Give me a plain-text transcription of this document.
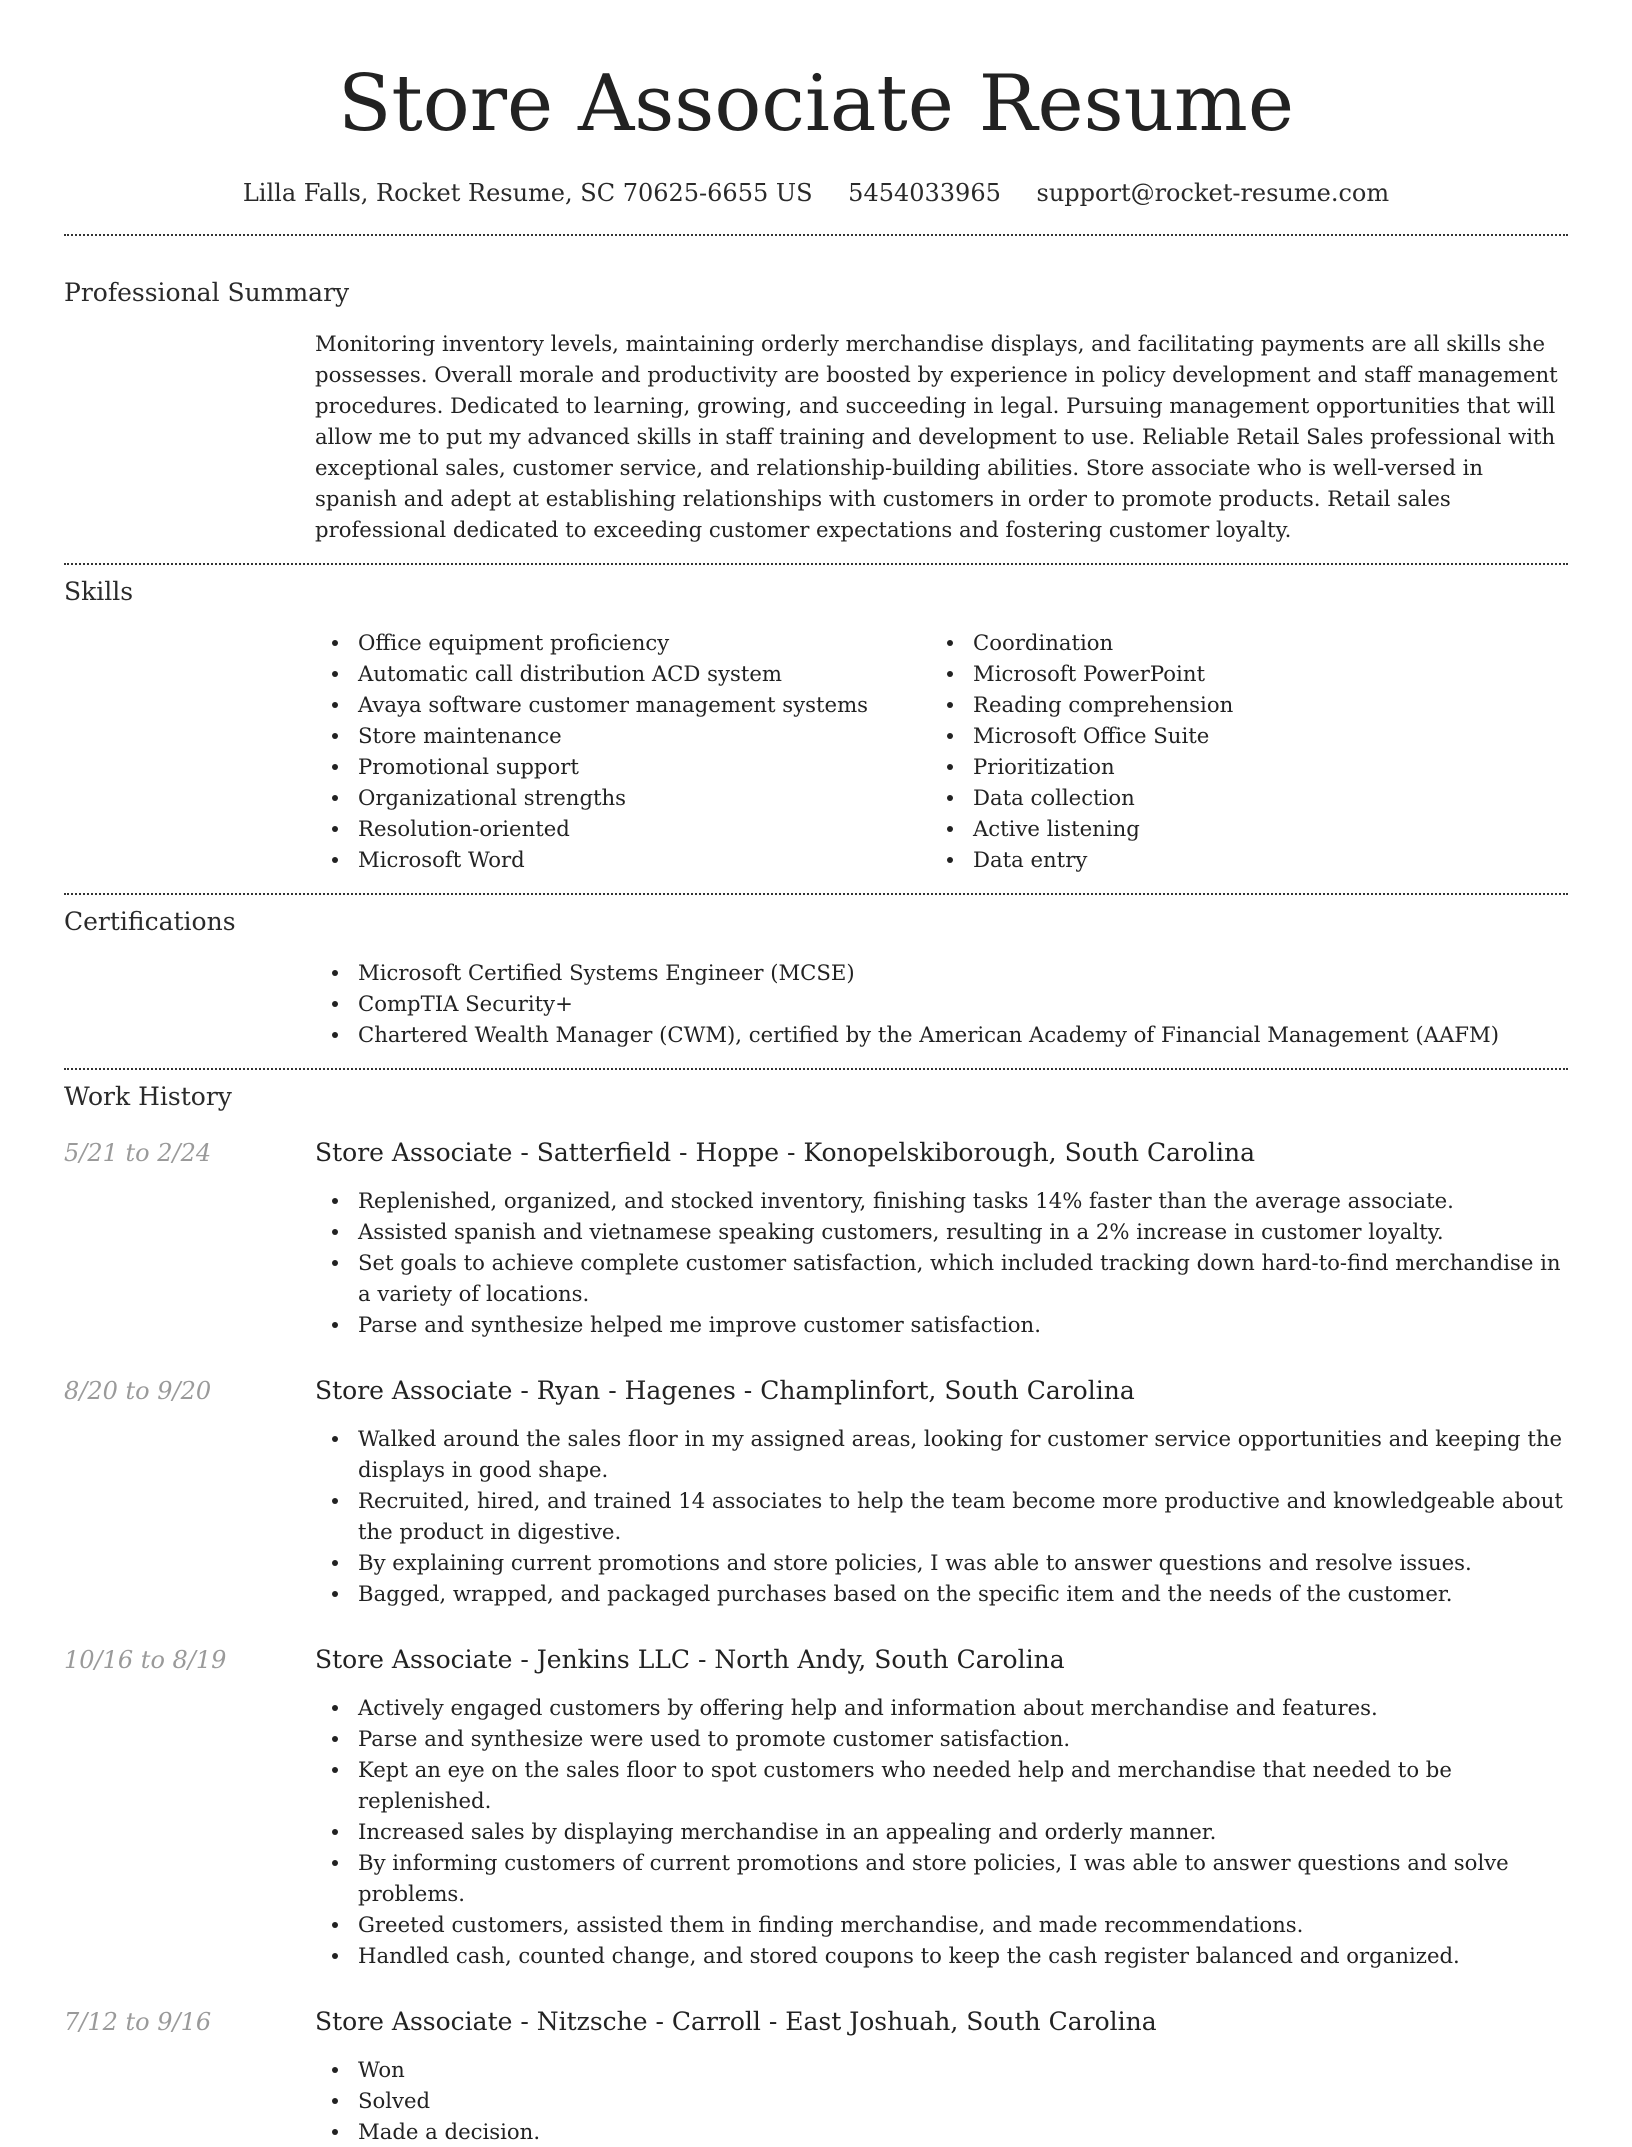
Store Associate Resume
Lilla Falls, Rocket Resume, SC 70625-6655 US 5454033965 support@rocket-resume.com
Professional Summary
Monitoring inventory levels, maintaining orderly merchandise displays, and facilitating payments are all skills she possesses. Overall morale and productivity are boosted by experience in policy development and staff management procedures. Dedicated to learning, growing, and succeeding in legal. Pursuing management opportunities that will allow me to put my advanced skills in staff training and development to use. Reliable Retail Sales professional with exceptional sales, customer service, and relationship-building abilities. Store associate who is well-versed in spanish and adept at establishing relationships with customers in order to promote products. Retail sales professional dedicated to exceeding customer expectations and fostering customer loyalty.
Skills
Office equipment proficiency
Automatic call distribution ACD system
Avaya software customer management systems
Store maintenance
Promotional support
Organizational strengths
Resolution-oriented
Microsoft Word
Coordination
Microsoft PowerPoint
Reading comprehension
Microsoft Office Suite
Prioritization
Data collection
Active listening
Data entry
Certifications
Microsoft Certified Systems Engineer (MCSE)
CompTIA Security+
Chartered Wealth Manager (CWM), certified by the American Academy of Financial Management (AAFM)
Work History
5/21 to 2/24	Store Associate - Satterfield - Hoppe - Konopelskiborough, South Carolina
Replenished, organized, and stocked inventory, finishing tasks 14% faster than the average associate.
Assisted spanish and vietnamese speaking customers, resulting in a 2% increase in customer loyalty.
Set goals to achieve complete customer satisfaction, which included tracking down hard-to-find merchandise in a variety of locations.
Parse and synthesize helped me improve customer satisfaction.
8/20 to 9/20	Store Associate - Ryan - Hagenes - Champlinfort, South Carolina
Walked around the sales floor in my assigned areas, looking for customer service opportunities and keeping the displays in good shape.
Recruited, hired, and trained 14 associates to help the team become more productive and knowledgeable about the product in digestive.
By explaining current promotions and store policies, I was able to answer questions and resolve issues.
Bagged, wrapped, and packaged purchases based on the specific item and the needs of the customer.
10/16 to 8/19	Store Associate - Jenkins LLC - North Andy, South Carolina
Actively engaged customers by offering help and information about merchandise and features.
Parse and synthesize were used to promote customer satisfaction.
Kept an eye on the sales floor to spot customers who needed help and merchandise that needed to be replenished.
Increased sales by displaying merchandise in an appealing and orderly manner.
By informing customers of current promotions and store policies, I was able to answer questions and solve problems.
Greeted customers, assisted them in finding merchandise, and made recommendations.
Handled cash, counted change, and stored coupons to keep the cash register balanced and organized.
7/12 to 9/16	Store Associate - Nitzsche - Carroll - East Joshuah, South Carolina
Won
Solved
Made a decision.
